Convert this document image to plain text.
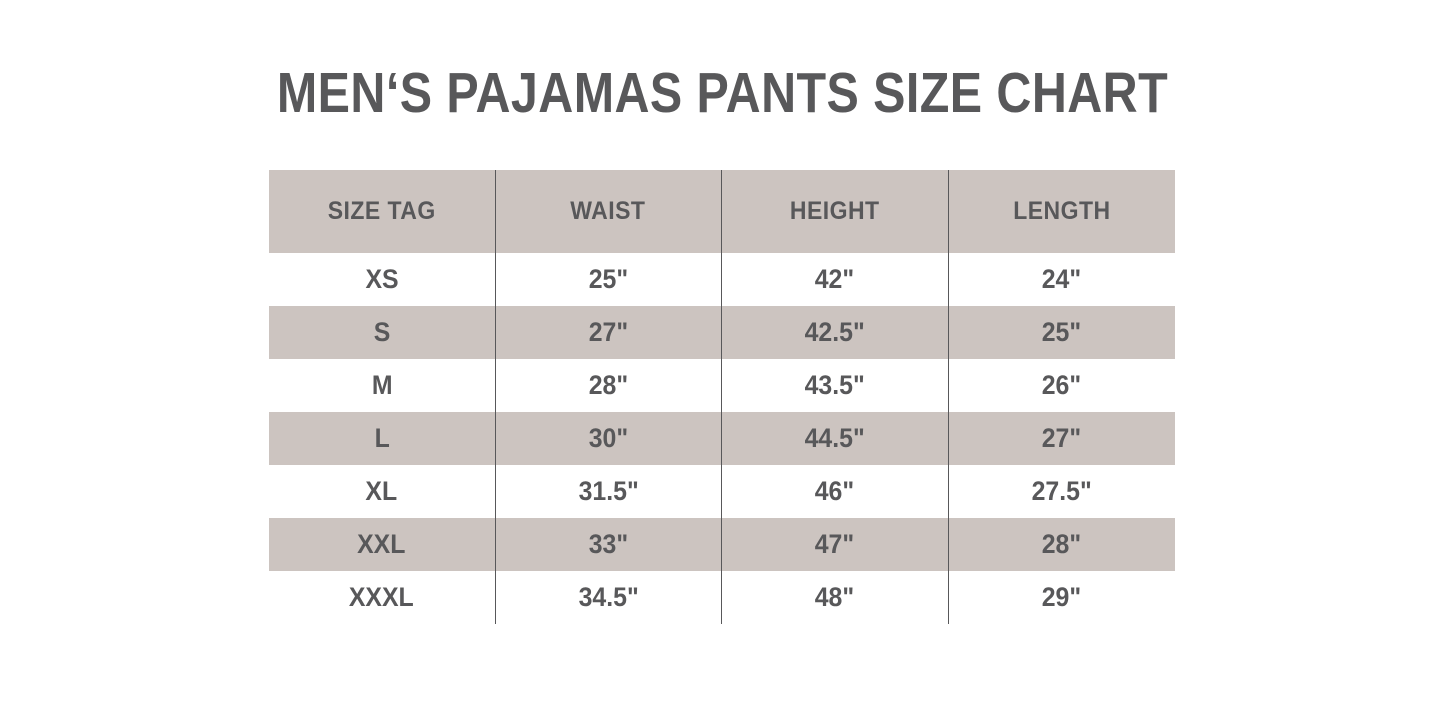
MEN‘S PAJAMAS PANTS SIZE CHART
SIZE TAG	WAIST	HEIGHT	LENGTH
XS	25"	42"	24"
S	27"	42.5"	25"
M	28"	43.5"	26"
L	30"	44.5"	27"
XL	31.5"	46"	27.5"
XXL	33"	47"	28"
XXXL	34.5"	48"	29"
